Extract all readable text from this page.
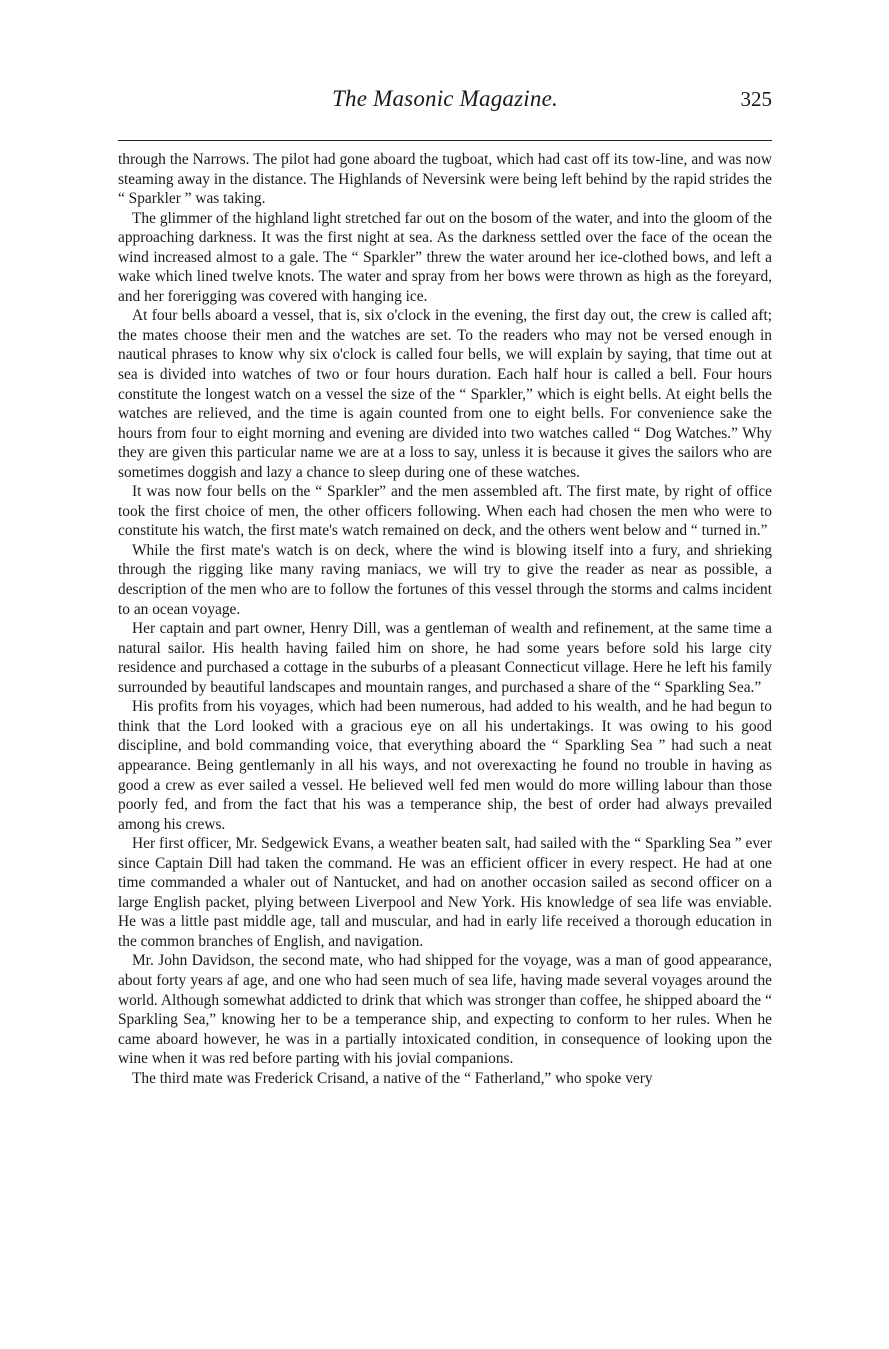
The Masonic Magazine.	325

through the Narrows. The pilot had gone aboard the tugboat, which had cast off its tow-line, and was now steaming away in the distance. The Highlands of Neversink were being left behind by the rapid strides the “ Sparkler ” was taking.

The glimmer of the highland light stretched far out on the bosom of the water, and into the gloom of the approaching darkness. It was the first night at sea. As the darkness settled over the face of the ocean the wind increased almost to a gale. The “ Sparkler” threw the water around her ice-clothed bows, and left a wake which lined twelve knots. The water and spray from her bows were thrown as high as the foreyard, and her forerigging was covered with hanging ice.

At four bells aboard a vessel, that is, six o'clock in the evening, the first day out, the crew is called aft; the mates choose their men and the watches are set. To the readers who may not be versed enough in nautical phrases to know why six o'clock is called four bells, we will explain by saying, that time out at sea is divided into watches of two or four hours duration. Each half hour is called a bell. Four hours constitute the longest watch on a vessel the size of the “ Sparkler,” which is eight bells. At eight bells the watches are relieved, and the time is again counted from one to eight bells. For convenience sake the hours from four to eight morning and evening are divided into two watches called “ Dog Watches.” Why they are given this particular name we are at a loss to say, unless it is because it gives the sailors who are sometimes doggish and lazy a chance to sleep during one of these watches.

It was now four bells on the “ Sparkler” and the men assembled aft. The first mate, by right of office took the first choice of men, the other officers following. When each had chosen the men who were to constitute his watch, the first mate's watch remained on deck, and the others went below and “ turned in.”

While the first mate's watch is on deck, where the wind is blowing itself into a fury, and shrieking through the rigging like many raving maniacs, we will try to give the reader as near as possible, a description of the men who are to follow the fortunes of this vessel through the storms and calms incident to an ocean voyage.

Her captain and part owner, Henry Dill, was a gentleman of wealth and refinement, at the same time a natural sailor. His health having failed him on shore, he had some years before sold his large city residence and purchased a cottage in the suburbs of a pleasant Connecticut village. Here he left his family surrounded by beautiful landscapes and mountain ranges, and purchased a share of the “ Sparkling Sea.”

His profits from his voyages, which had been numerous, had added to his wealth, and he had begun to think that the Lord looked with a gracious eye on all his undertakings. It was owing to his good discipline, and bold commanding voice, that everything aboard the “ Sparkling Sea ” had such a neat appearance. Being gentlemanly in all his ways, and not overexacting he found no trouble in having as good a crew as ever sailed a vessel. He believed well fed men would do more willing labour than those poorly fed, and from the fact that his was a temperance ship, the best of order had always prevailed among his crews.

Her first officer, Mr. Sedgewick Evans, a weather beaten salt, had sailed with the “ Sparkling Sea ” ever since Captain Dill had taken the command. He was an efficient officer in every respect. He had at one time commanded a whaler out of Nantucket, and had on another occasion sailed as second officer on a large English packet, plying between Liverpool and New York. His knowledge of sea life was enviable. He was a little past middle age, tall and muscular, and had in early life received a thorough education in the common branches of English, and navigation.

Mr. John Davidson, the second mate, who had shipped for the voyage, was a man of good appearance, about forty years af age, and one who had seen much of sea life, having made several voyages around the world. Although somewhat addicted to drink that which was stronger than coffee, he shipped aboard the “ Sparkling Sea,” knowing her to be a temperance ship, and expecting to conform to her rules. When he came aboard however, he was in a partially intoxicated condition, in consequence of looking upon the wine when it was red before parting with his jovial companions.

The third mate was Frederick Crisand, a native of the “ Fatherland,” who spoke very
